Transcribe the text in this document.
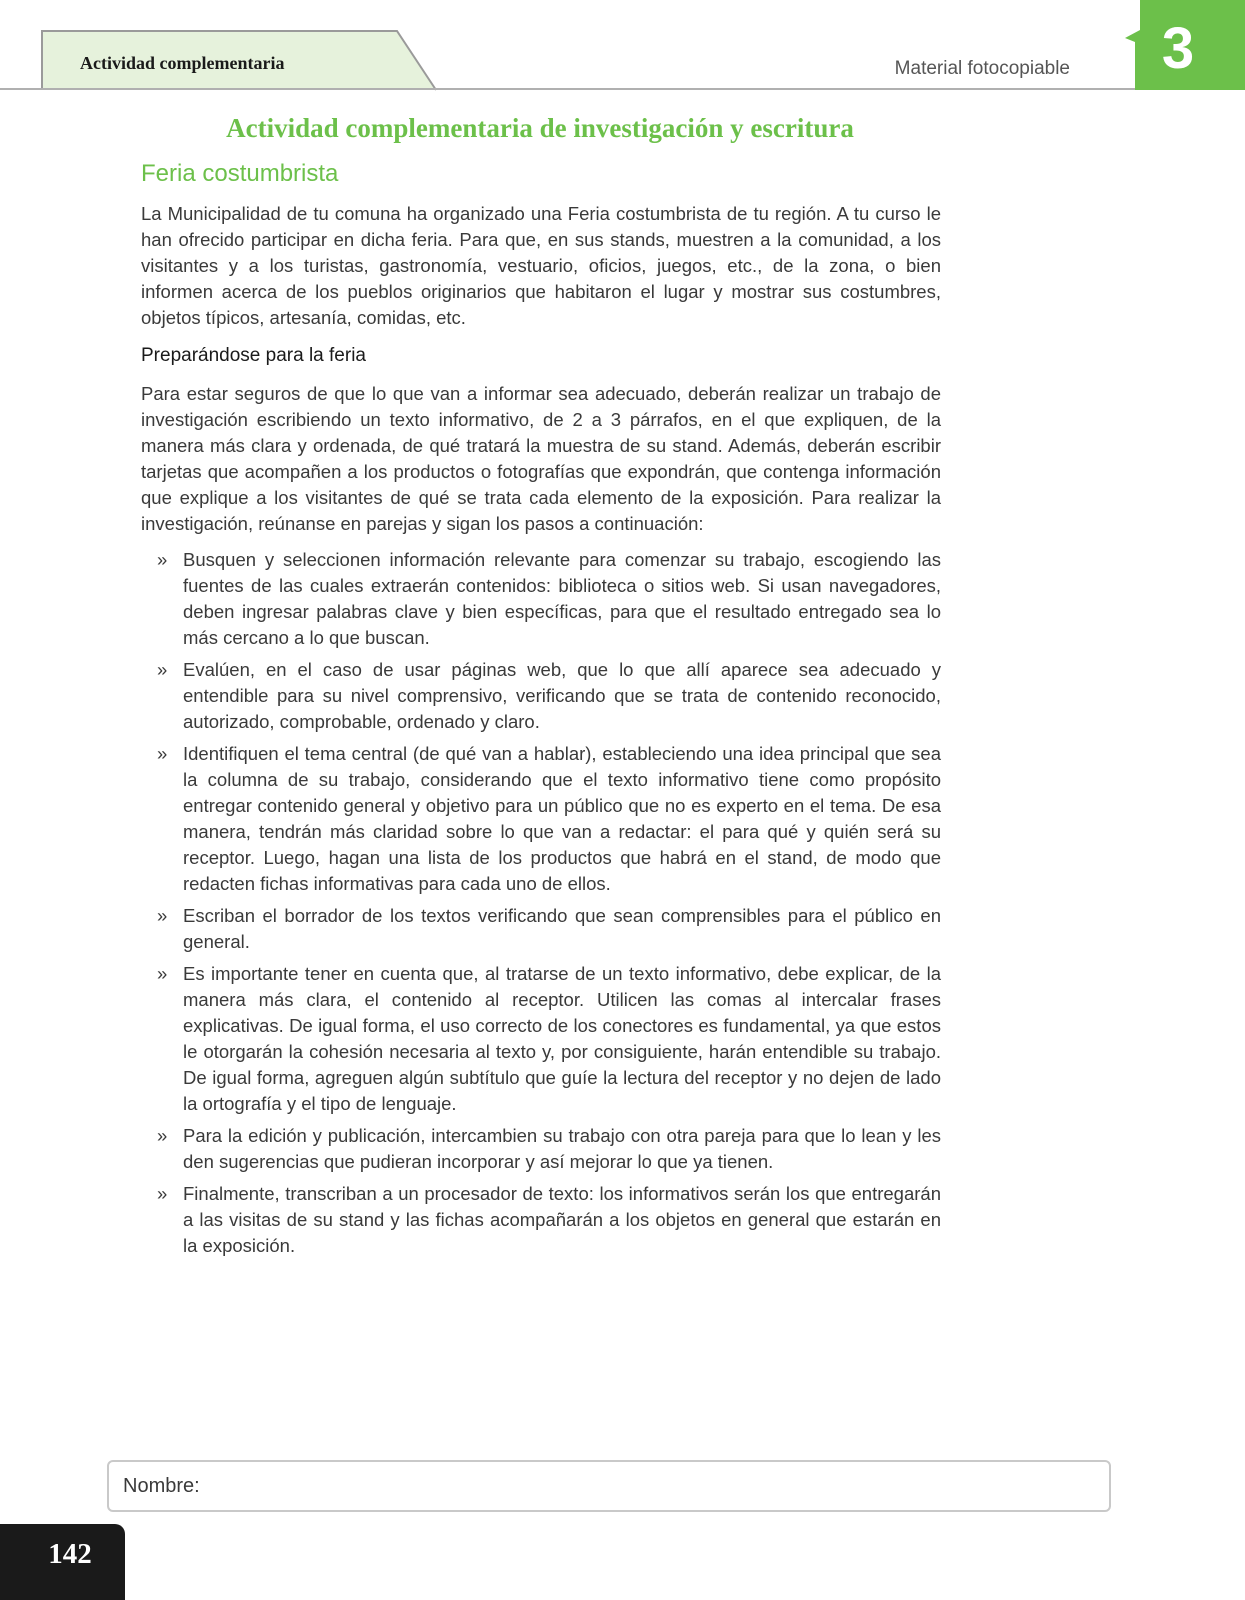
Actividad complementaria	Material fotocopiable 3
Actividad complementaria de investigación y escritura
Feria costumbrista

La Municipalidad de tu comuna ha organizado una Feria costumbrista de tu región. A tu curso le han ofrecido participar en dicha feria. Para que, en sus stands, muestren a la comunidad, a los visitantes y a los turistas, gastronomía, vestuario, oficios, juegos, etc., de la zona, o bien informen acerca de los pueblos originarios que habitaron el lugar y mostrar sus costumbres, objetos típicos, artesanía, comidas, etc.

Preparándose para la feria

Para estar seguros de que lo que van a informar sea adecuado, deberán realizar un trabajo de investigación escribiendo un texto informativo, de 2 a 3 párrafos, en el que expliquen, de la manera más clara y ordenada, de qué tratará la muestra de su stand. Además, deberán escribir tarjetas que acompañen a los productos o fotografías que expondrán, que contenga información que explique a los visitantes de qué se trata cada elemento de la exposición. Para realizar la investigación, reúnanse en parejas y sigan los pasos a continuación:

» Busquen y seleccionen información relevante para comenzar su trabajo, escogiendo las fuentes de las cuales extraerán contenidos: biblioteca o sitios web. Si usan navegadores, deben ingresar palabras clave y bien específicas, para que el resultado entregado sea lo más cercano a lo que buscan.
» Evalúen, en el caso de usar páginas web, que lo que allí aparece sea adecuado y entendible para su nivel comprensivo, verificando que se trata de contenido reconocido, autorizado, comprobable, ordenado y claro.
» Identifiquen el tema central (de qué van a hablar), estableciendo una idea principal que sea la columna de su trabajo, considerando que el texto informativo tiene como propósito entregar contenido general y objetivo para un público que no es experto en el tema. De esa manera, tendrán más claridad sobre lo que van a redactar: el para qué y quién será su receptor. Luego, hagan una lista de los productos que habrá en el stand, de modo que redacten fichas informativas para cada uno de ellos.
» Escriban el borrador de los textos verificando que sean comprensibles para el público en general.
» Es importante tener en cuenta que, al tratarse de un texto informativo, debe explicar, de la manera más clara, el contenido al receptor. Utilicen las comas al intercalar frases explicativas. De igual forma, el uso correcto de los conectores es fundamental, ya que estos le otorgarán la cohesión necesaria al texto y, por consiguiente, harán entendible su trabajo. De igual forma, agreguen algún subtítulo que guíe la lectura del receptor y no dejen de lado la ortografía y el tipo de lenguaje.
» Para la edición y publicación, intercambien su trabajo con otra pareja para que lo lean y les den sugerencias que pudieran incorporar y así mejorar lo que ya tienen.
» Finalmente, transcriban a un procesador de texto: los informativos serán los que entregarán a las visitas de su stand y las fichas acompañarán a los objetos en general que estarán en la exposición.
Nombre:
142
